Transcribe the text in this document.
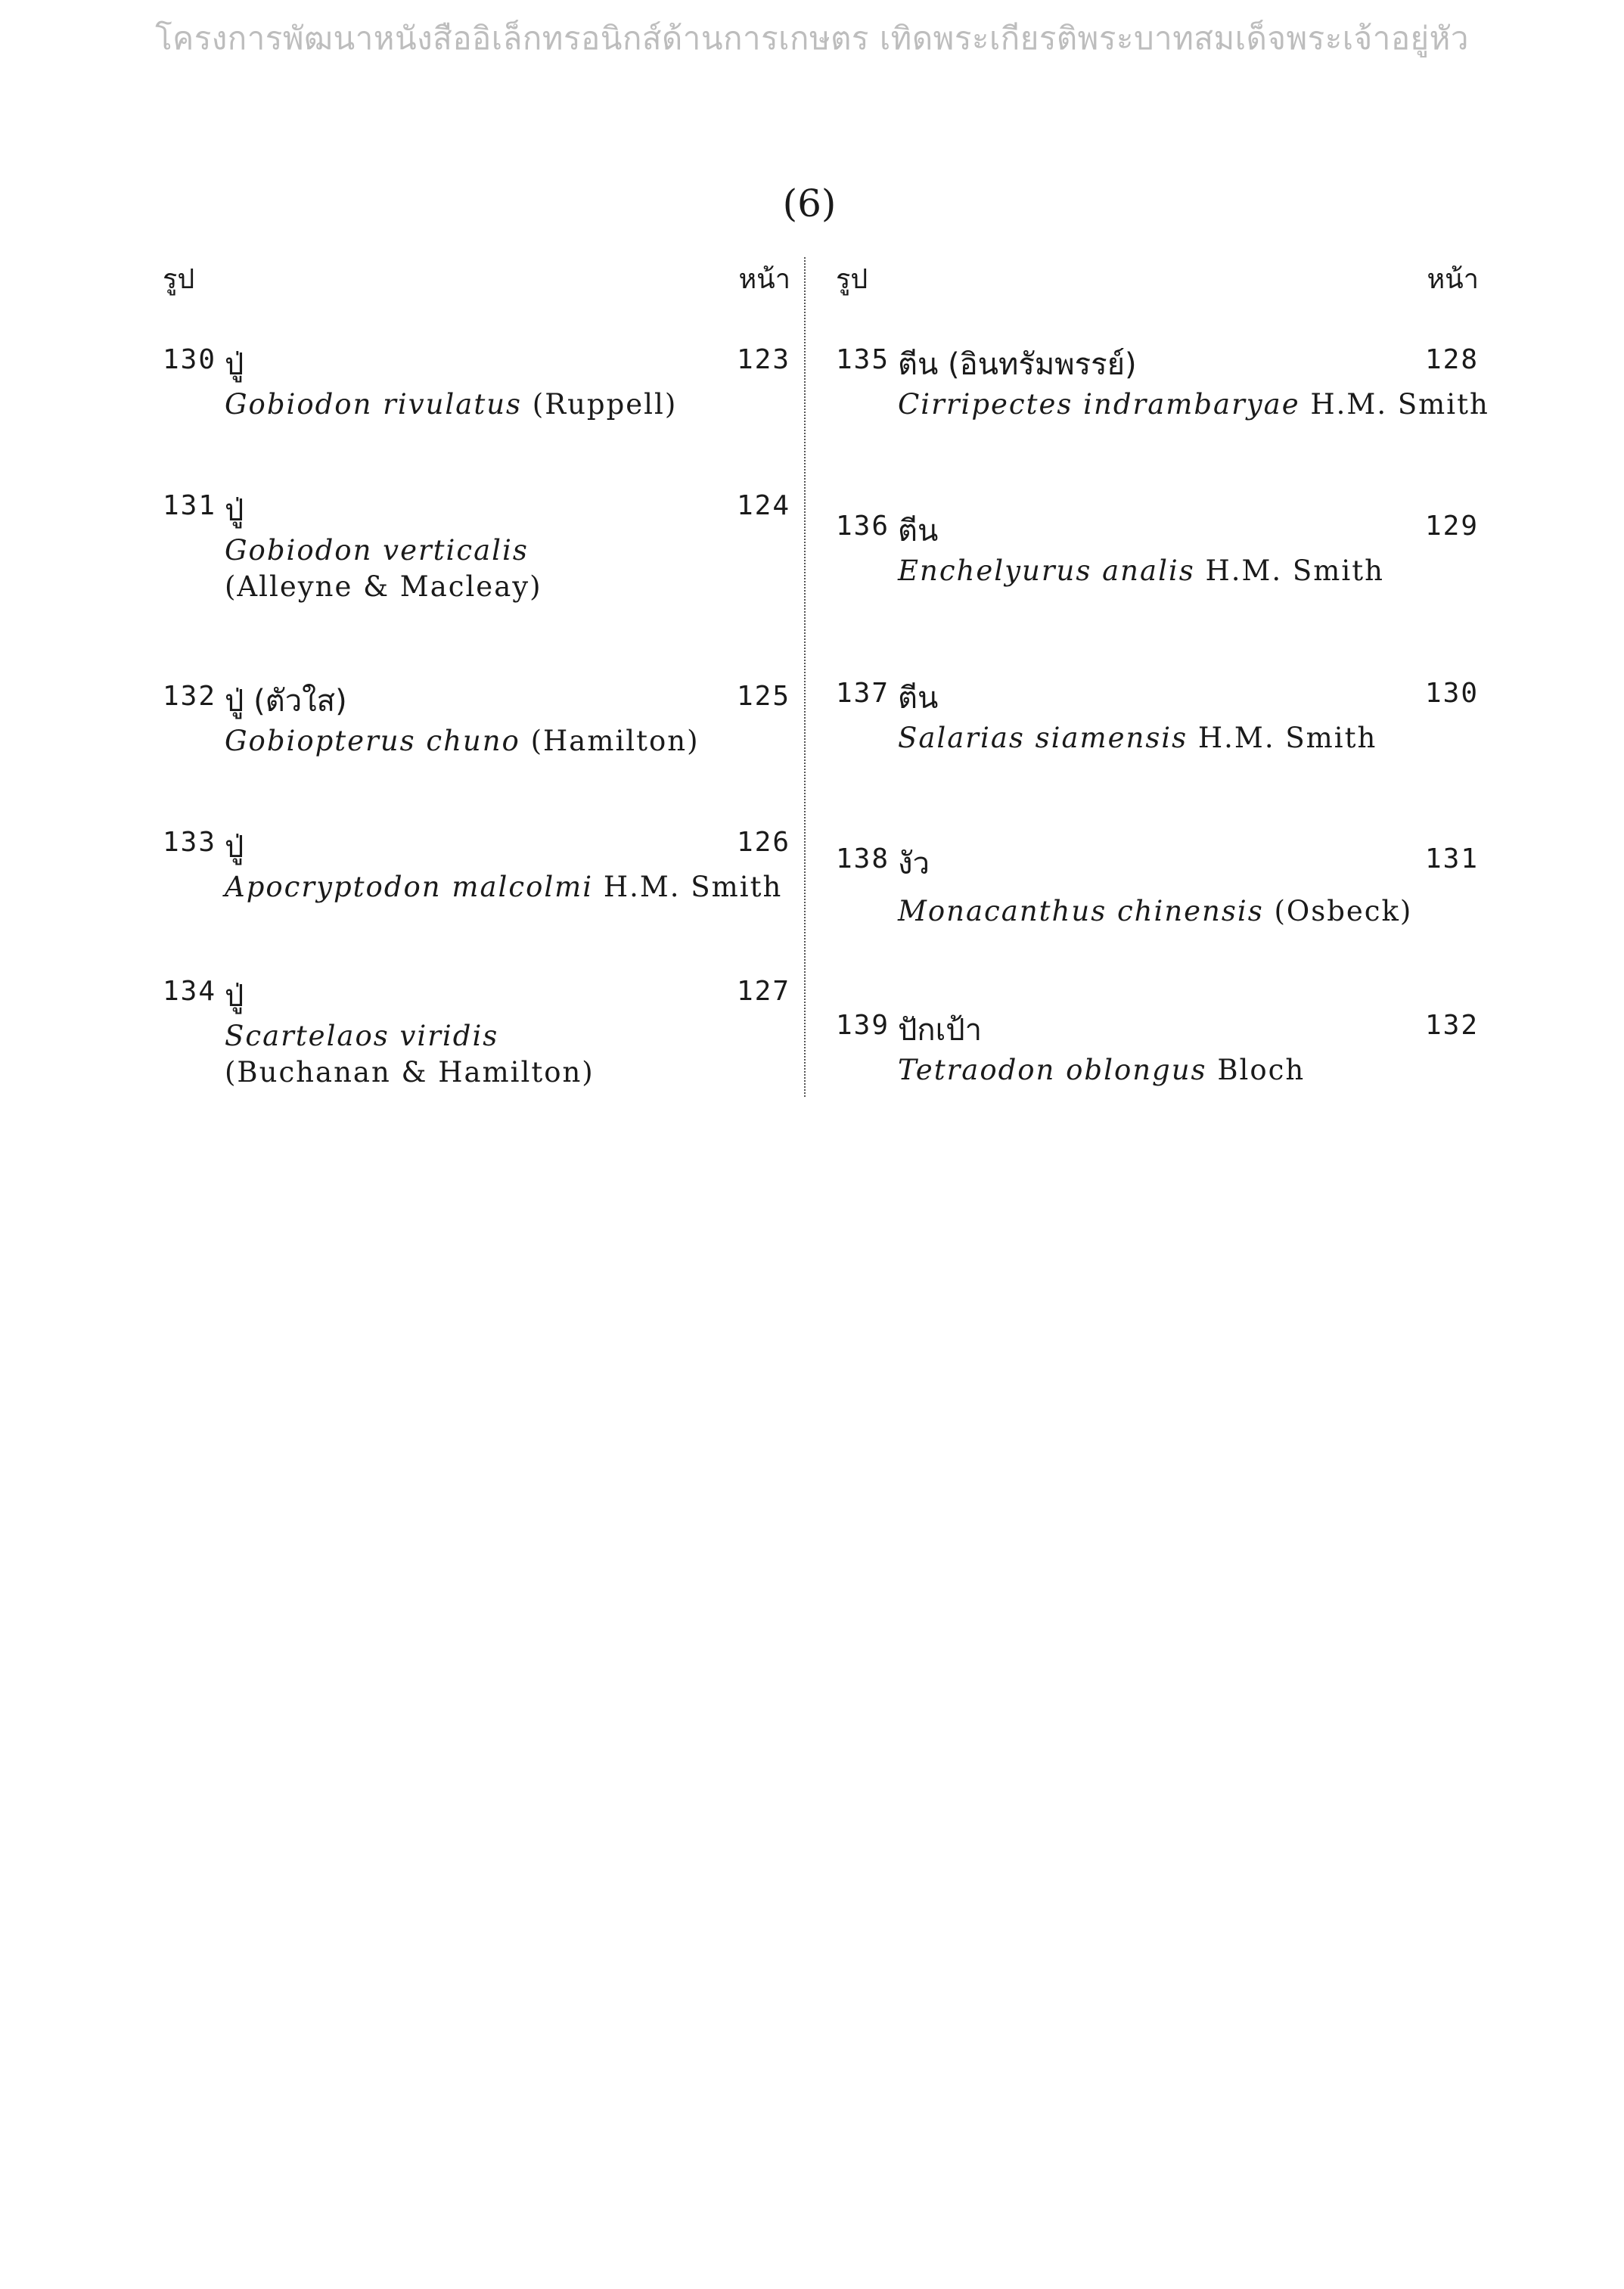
โครงการพัฒนาหนังสืออิเล็กทรอนิกส์ด้านการเกษตร เทิดพระเกียรติพระบาทสมเด็จพระเจ้าอยู่หัว
(6)
รูป	หน้า
130 ปู่	123
Gobiodon rivulatus (Ruppell)
131 ปู่	124
Gobiodon verticalis
(Alleyne & Macleay)
132 ปู่ (ตัวใส)	125
Gobiopterus chuno (Hamilton)
133 ปู่	126
Apocryptodon malcolmi H.M. Smith
134 ปู่	127
Scartelaos viridis
(Buchanan & Hamilton)
รูป	หน้า
135 ตีน (อินทรัมพรรย์)	128
Cirripectes indrambaryae H.M. Smith
136 ตีน	129
Enchelyurus analis H.M. Smith
137 ตีน	130
Salarias siamensis H.M. Smith
138 งัว	131
Monacanthus chinensis (Osbeck)
139 ปักเป้า	132
Tetraodon oblongus Bloch
